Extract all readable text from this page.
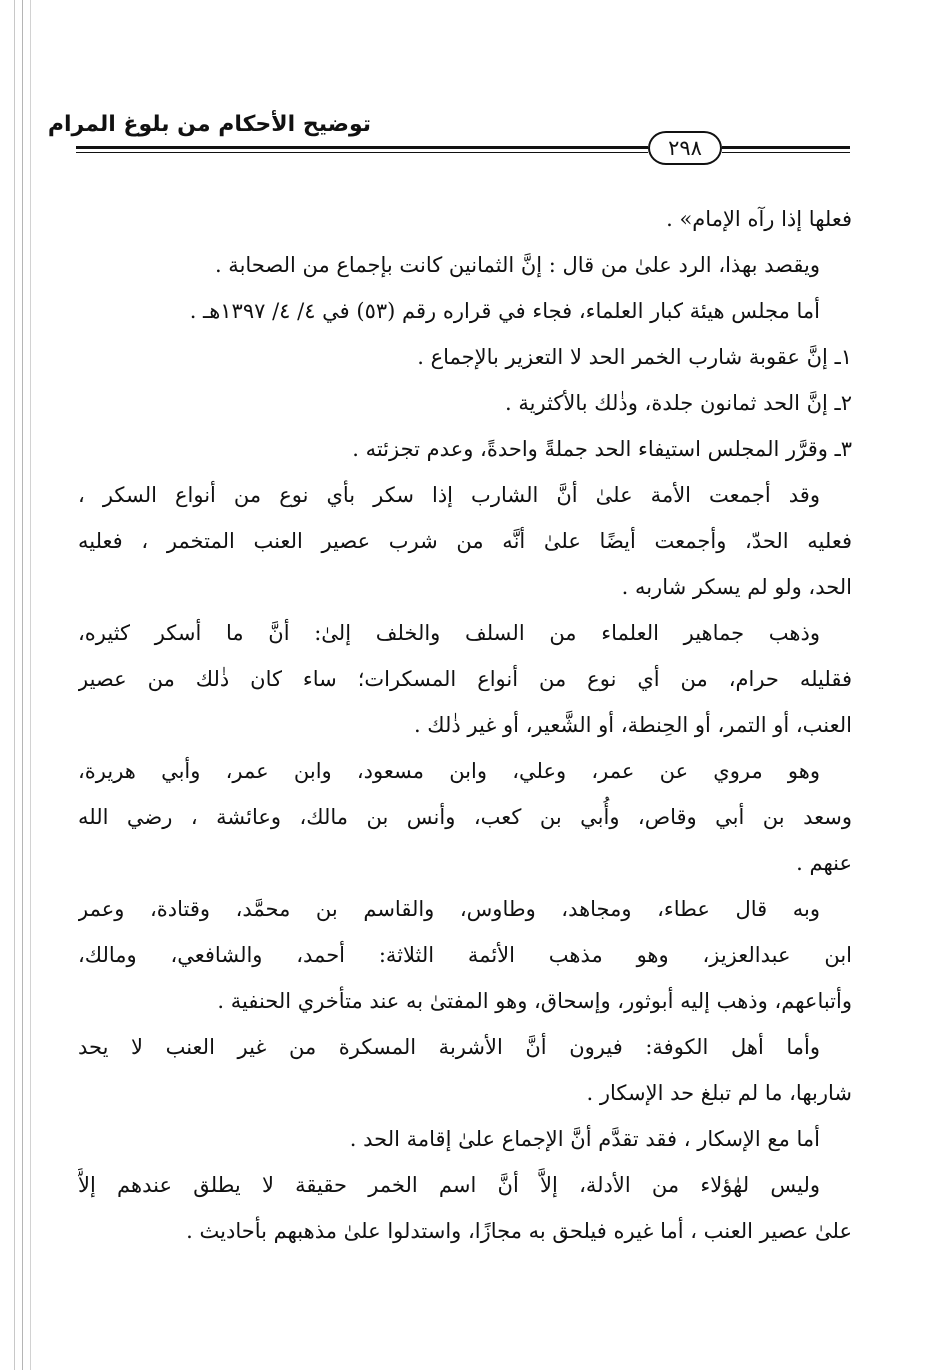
توضيح الأحكام من بلوغ المرام
٢٩٨
فعلها إذا رآه الإمام» .
ويقصد بهذا، الرد علىٰ من قال : إنَّ الثمانين كانت بإجماع من الصحابة .
أما مجلس هيئة كبار العلماء، فجاء في قراره رقم (٥٣) في ٤/ ٤/ ١٣٩٧هـ .
١ـ إنَّ عقوبة شارب الخمر الحد لا التعزير بالإجماع .
٢ـ إنَّ الحد ثمانون جلدة، وذٰلك بالأكثرية .
٣ـ وقرَّر المجلس استيفاء الحد جملةً واحدةً، وعدم تجزئته .
وقد أجمعت الأمة علىٰ أنَّ الشارب إذا سكر بأي نوع من أنواع السكر ،
فعليه الحدّ، وأجمعت أيضًا علىٰ أنَّه من شرب عصير العنب المتخمر ، فعليه
الحد، ولو لم يسكر شاربه .
وذهب جماهير العلماء من السلف والخلف إلىٰ: أنَّ ما أسكر كثيره،
فقليله حرام، من أي نوع من أنواع المسكرات؛ ساء كان ذٰلك من عصير
العنب، أو التمر، أو الحِنطة، أو الشَّعير، أو غير ذٰلك .
وهو مروي عن عمر، وعلي، وابن مسعود، وابن عمر، وأبي هريرة،
وسعد بن أبي وقاص، وأُبي بن كعب، وأنس بن مالك، وعائشة ، رضي الله
عنهم .
وبه قال عطاء، ومجاهد، وطاوس، والقاسم بن محمَّد، وقتادة، وعمر
ابن عبدالعزيز، وهو مذهب الأئمة الثلاثة: أحمد، والشافعي، ومالك،
وأتباعهم، وذهب إليه أبوثور، وإسحاق، وهو المفتىٰ به عند متأخري الحنفية .
وأما أهل الكوفة: فيرون أنَّ الأشربة المسكرة من غير العنب لا يحد
شاربها، ما لم تبلغ حد الإسكار .
أما مع الإسكار ، فقد تقدَّم أنَّ الإجماع علىٰ إقامة الحد .
وليس لهٰؤلاء من الأدلة، إلاَّ أنَّ اسم الخمر حقيقة لا يطلق عندهم إلاَّ
علىٰ عصير العنب ، أما غيره فيلحق به مجازًا، واستدلوا علىٰ مذهبهم بأحاديث .
